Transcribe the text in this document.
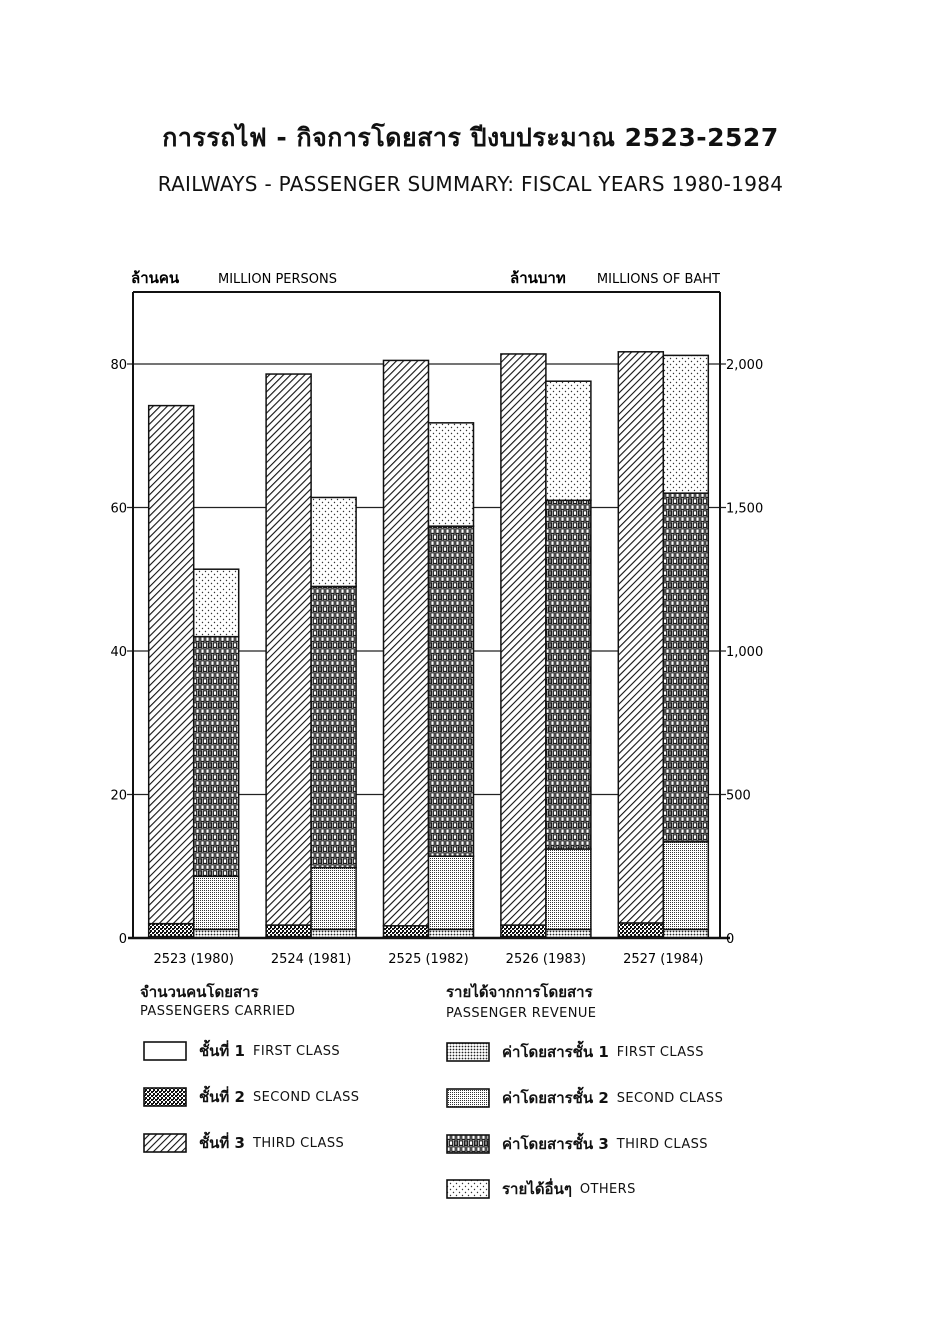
การรถไฟ - กิจการโดยสาร ปีงบประมาณ 2523-2527
RAILWAYS - PASSENGER SUMMARY: FISCAL YEARS 1980-1984
ล้านคน	MILLION PERSONS	ล้านบาท MILLIONS OF BAHT
0	0
20	500
40	1,000
60	1,500
80	2,000
2523 (1980)	2524 (1981)	2525 (1982)	2526 (1983)	2527 (1984)
จำนวนคนโดยสาร
PASSENGERS CARRIED
ชั้นที่ 1 FIRST CLASS
ชั้นที่ 2 SECOND CLASS
ชั้นที่ 3 THIRD CLASS
รายได้จากการโดยสาร
PASSENGER REVENUE
ค่าโดยสารชั้น 1 FIRST CLASS
ค่าโดยสารชั้น 2 SECOND CLASS
ค่าโดยสารชั้น 3 THIRD CLASS
รายได้อื่นๆ OTHERS
